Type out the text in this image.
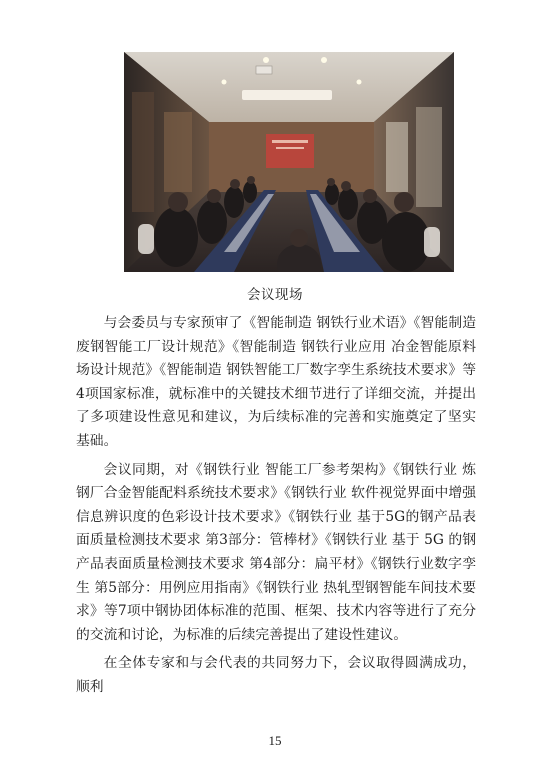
会议现场

与会委员与专家预审了《智能制造 钢铁行业术语》《智能制造 废钢智能工厂设计规范》《智能制造 钢铁行业应用 冶金智能原料场设计规范》《智能制造 钢铁智能工厂数字孪生系统技术要求》等4项国家标准，就标准中的关键技术细节进行了详细交流，并提出了多项建设性意见和建议，为后续标准的完善和实施奠定了坚实基础。

会议同期，对《钢铁行业 智能工厂参考架构》《钢铁行业 炼钢厂合金智能配料系统技术要求》《钢铁行业 软件视觉界面中增强信息辨识度的色彩设计技术要求》《钢铁行业 基于5G的钢产品表面质量检测技术要求 第3部分：管棒材》《钢铁行业 基于 5G 的钢产品表面质量检测技术要求 第4部分：扁平材》《钢铁行业数字孪生 第5部分：用例应用指南》《钢铁行业 热轧型钢智能车间技术要求》等7项中钢协团体标准的范围、框架、技术内容等进行了充分的交流和讨论，为标准的后续完善提出了建设性建议。

在全体专家和与会代表的共同努力下，会议取得圆满成功，顺利

15
